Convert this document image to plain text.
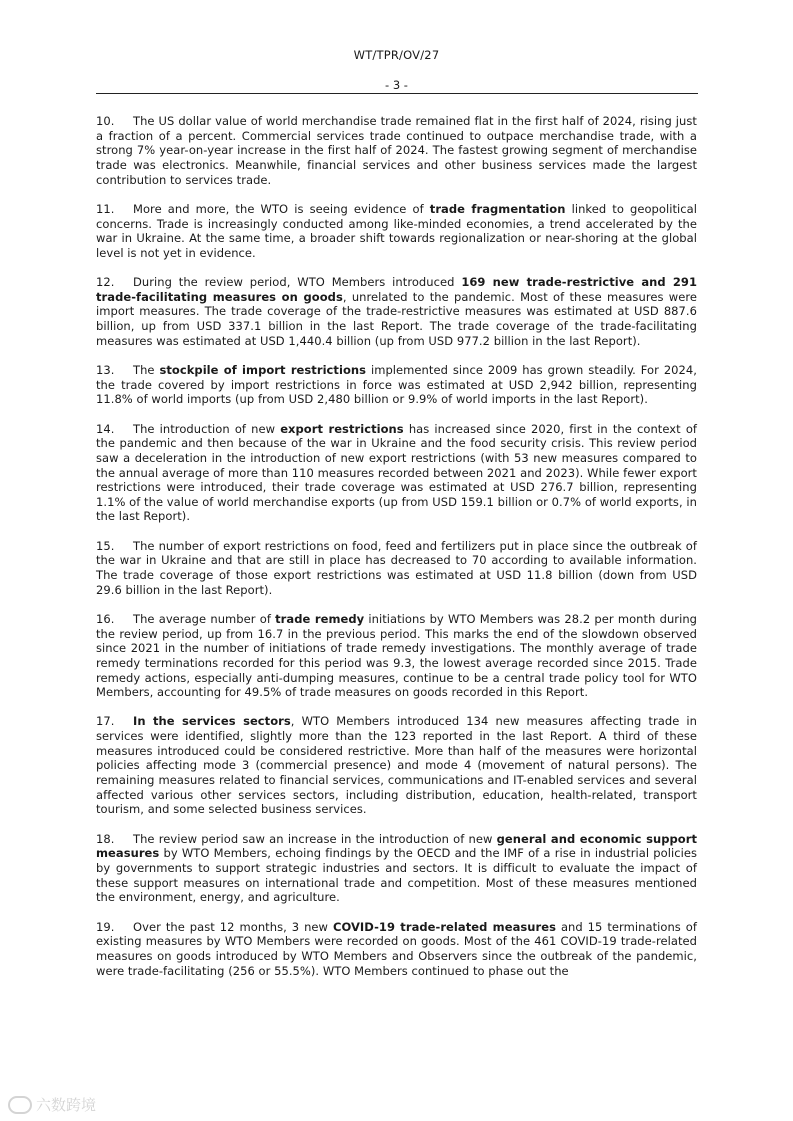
WT/TPR/OV/27
- 3 -

10. The US dollar value of world merchandise trade remained flat in the first half of 2024, rising just a fraction of a percent. Commercial services trade continued to outpace merchandise trade, with a strong 7% year-on-year increase in the first half of 2024. The fastest growing segment of merchandise trade was electronics. Meanwhile, financial services and other business services made the largest contribution to services trade.

11. More and more, the WTO is seeing evidence of trade fragmentation linked to geopolitical concerns. Trade is increasingly conducted among like-minded economies, a trend accelerated by the war in Ukraine. At the same time, a broader shift towards regionalization or near-shoring at the global level is not yet in evidence.

12. During the review period, WTO Members introduced 169 new trade-restrictive and 291 trade-facilitating measures on goods, unrelated to the pandemic. Most of these measures were import measures. The trade coverage of the trade-restrictive measures was estimated at USD 887.6 billion, up from USD 337.1 billion in the last Report. The trade coverage of the trade-facilitating measures was estimated at USD 1,440.4 billion (up from USD 977.2 billion in the last Report).

13. The stockpile of import restrictions implemented since 2009 has grown steadily. For 2024, the trade covered by import restrictions in force was estimated at USD 2,942 billion, representing 11.8% of world imports (up from USD 2,480 billion or 9.9% of world imports in the last Report).

14. The introduction of new export restrictions has increased since 2020, first in the context of the pandemic and then because of the war in Ukraine and the food security crisis. This review period saw a deceleration in the introduction of new export restrictions (with 53 new measures compared to the annual average of more than 110 measures recorded between 2021 and 2023). While fewer export restrictions were introduced, their trade coverage was estimated at USD 276.7 billion, representing 1.1% of the value of world merchandise exports (up from USD 159.1 billion or 0.7% of world exports, in the last Report).

15. The number of export restrictions on food, feed and fertilizers put in place since the outbreak of the war in Ukraine and that are still in place has decreased to 70 according to available information. The trade coverage of those export restrictions was estimated at USD 11.8 billion (down from USD 29.6 billion in the last Report).

16. The average number of trade remedy initiations by WTO Members was 28.2 per month during the review period, up from 16.7 in the previous period. This marks the end of the slowdown observed since 2021 in the number of initiations of trade remedy investigations. The monthly average of trade remedy terminations recorded for this period was 9.3, the lowest average recorded since 2015. Trade remedy actions, especially anti-dumping measures, continue to be a central trade policy tool for WTO Members, accounting for 49.5% of trade measures on goods recorded in this Report.

17. In the services sectors, WTO Members introduced 134 new measures affecting trade in services were identified, slightly more than the 123 reported in the last Report. A third of these measures introduced could be considered restrictive. More than half of the measures were horizontal policies affecting mode 3 (commercial presence) and mode 4 (movement of natural persons). The remaining measures related to financial services, communications and IT-enabled services and several affected various other services sectors, including distribution, education, health-related, transport tourism, and some selected business services.

18. The review period saw an increase in the introduction of new general and economic support measures by WTO Members, echoing findings by the OECD and the IMF of a rise in industrial policies by governments to support strategic industries and sectors. It is difficult to evaluate the impact of these support measures on international trade and competition. Most of these measures mentioned the environment, energy, and agriculture.

19. Over the past 12 months, 3 new COVID-19 trade-related measures and 15 terminations of existing measures by WTO Members were recorded on goods. Most of the 461 COVID-19 trade-related measures on goods introduced by WTO Members and Observers since the outbreak of the pandemic, were trade-facilitating (256 or 55.5%). WTO Members continued to phase out the

六数跨境
